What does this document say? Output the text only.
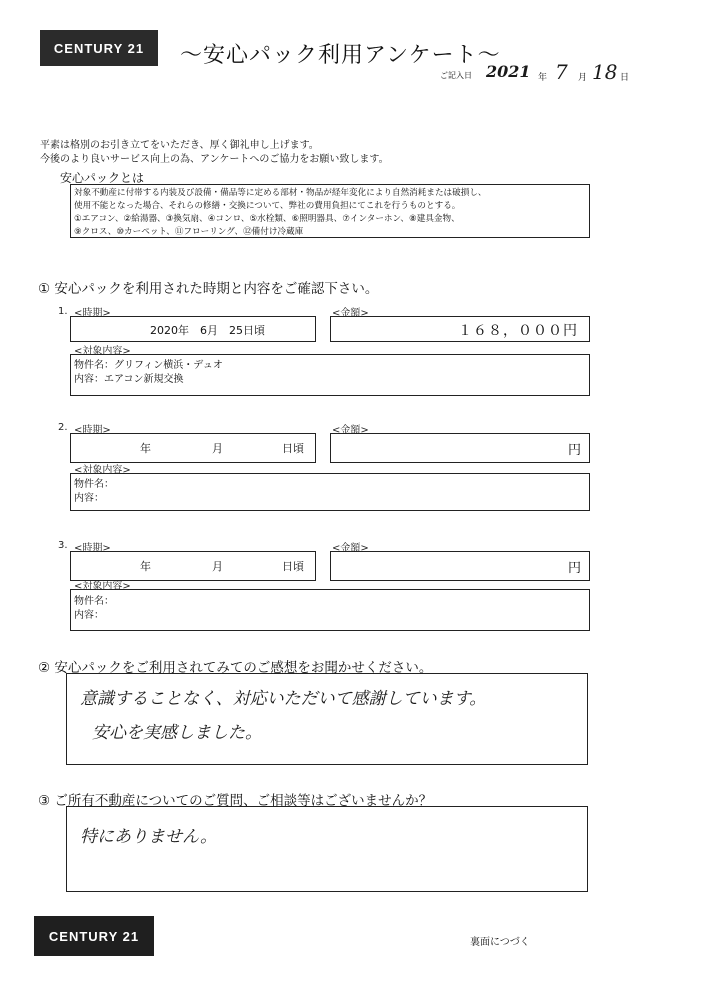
CENTURY 21	～安心パック利用アンケート～
ご記入日 2021 年 7 月 18 日
平素は格別のお引き立てをいただき、厚く御礼申し上げます。
今後のより良いサービス向上の為、アンケートへのご協力をお願い致します。
安心パックとは
対象不動産に付帯する内装及び設備・備品等に定める部材・物品が経年変化により自然消耗または破損し、
使用不能となった場合、それらの修繕・交換について、弊社の費用負担にてこれを行うものとする。
①エアコン、②給湯器、③換気扇、④コンロ、⑤水栓類、⑥照明器具、⑦インターホン、⑧建具金物、
⑨クロス、⑩カーペット、⑪フローリング、⑫備付け冷蔵庫
① 安心パックを利用された時期と内容をご確認下さい。
1. <時期>
2020年　6月　25日頃
<金額>
１６８，０００円
<対象内容>
物件名：グリフィン横浜・デュオ
内容：エアコン新規交換
2. <時期>
年	月	日頃
<金額>
円
<対象内容>
物件名：
内容：
3. <時期>
年	月	日頃
<金額>
円
<対象内容>
物件名：
内容：
② 安心パックをご利用されてみてのご感想をお聞かせください。
意識することなく、対応いただいて感謝しています。
安心を実感しました。
③ ご所有不動産についてのご質問、ご相談等はございませんか？
特にありません。
CENTURY 21	裏面につづく
